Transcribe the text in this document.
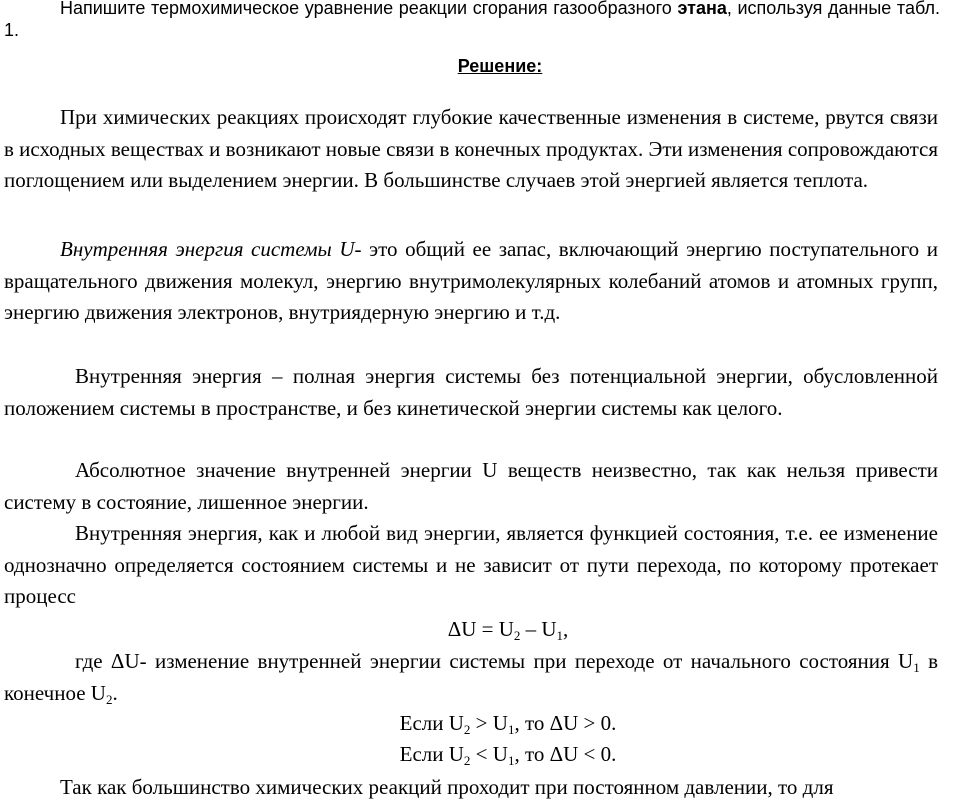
Напишите термохимическое уравнение реакции сгорания газообразного этана, используя данные табл. 1.
Решение:

При химических реакциях происходят глубокие качественные изменения в системе, рвутся связи в исходных веществах и возникают новые связи в конечных продуктах. Эти изменения сопровождаются поглощением или выделением энергии. В большинстве случаев этой энергией является теплота.

Внутренняя энергия системы U- это общий ее запас, включающий энергию поступательного и вращательного движения молекул, энергию внутримолекулярных колебаний атомов и атомных групп, энергию движения электронов, внутриядерную энергию и т.д.

Внутренняя энергия – полная энергия системы без потенциальной энергии, обусловленной положением системы в пространстве, и без кинетической энергии системы как целого.

Абсолютное значение внутренней энергии U веществ неизвестно, так как нельзя привести систему в состояние, лишенное энергии.

Внутренняя энергия, как и любой вид энергии, является функцией состояния, т.е. ее изменение однозначно определяется состоянием системы и не зависит от пути перехода, по которому протекает процесс

$\Delta U = U_2 - U_1$,

где ΔU- изменение внутренней энергии системы при переходе от начального состояния $U_1$ в конечное $U_2$.

Если $U_2 > U_1$, то ΔU > 0.

Если $U_2 < U_1$, то ΔU < 0.

Так как большинство химических реакций проходит при постоянном давлении, то для
